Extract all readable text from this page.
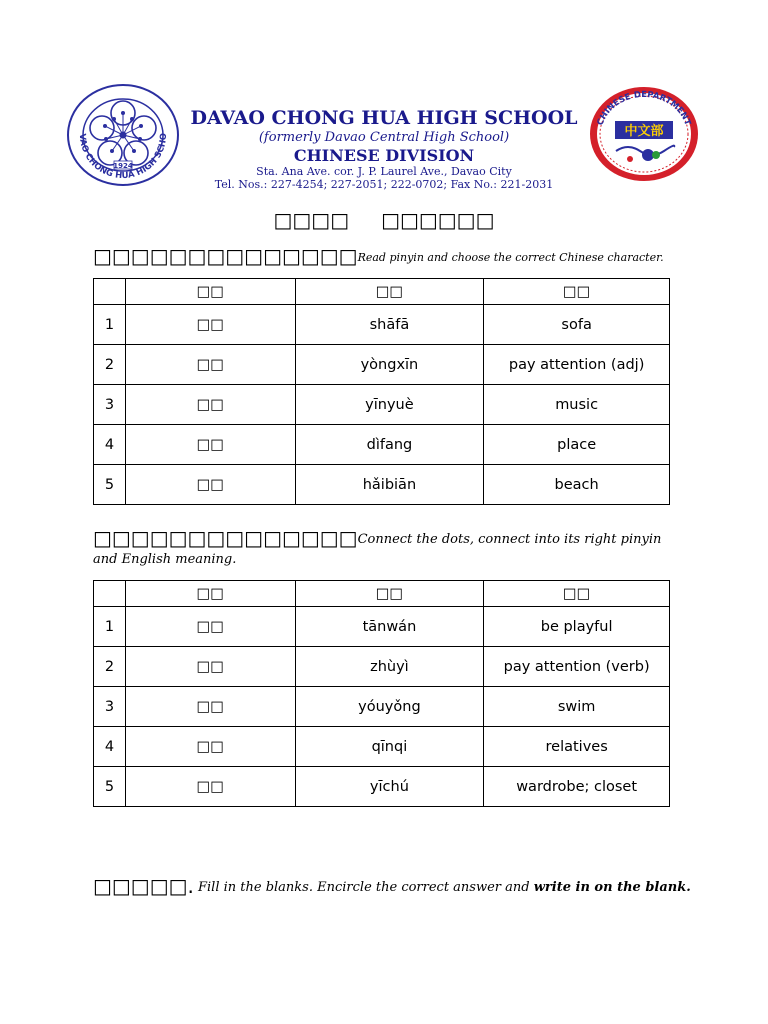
VAO CHONG HUA HIGH SCHO
1924
CHINESE DEPARTMENT
中文部

DAVAO CHONG HUA HIGH SCHOOL
(formerly Davao Central High School)
CHINESE DIVISION
Sta. Ana Ave. cor. J. P. Laurel Ave., Davao City
Tel. Nos.: 227-4254; 227-2051; 222-0702; Fax No.: 221-2031
□□□□ □□□□□□
□□□□□□□□□□□□□□Read pinyin and choose the correct Chinese character.
	□□	□□	□□
1	□□	shāfā	sofa
2	□□	yòngxīn	pay attention (adj)
3	□□	yīnyuè	music
4	□□	dìfang	place
5	□□	hǎibiān	beach
□□□□□□□□□□□□□□Connect the dots, connect into its right pinyin and English meaning.
	□□	□□	□□
1	□□	tānwán	be playful
2	□□	zhùyì	pay attention (verb)
3	□□	yóuyǒng	swim
4	□□	qīnqi	relatives
5	□□	yīchú	wardrobe; closet
□□□□□. Fill in the blanks. Encircle the correct answer and write in on the blank.
